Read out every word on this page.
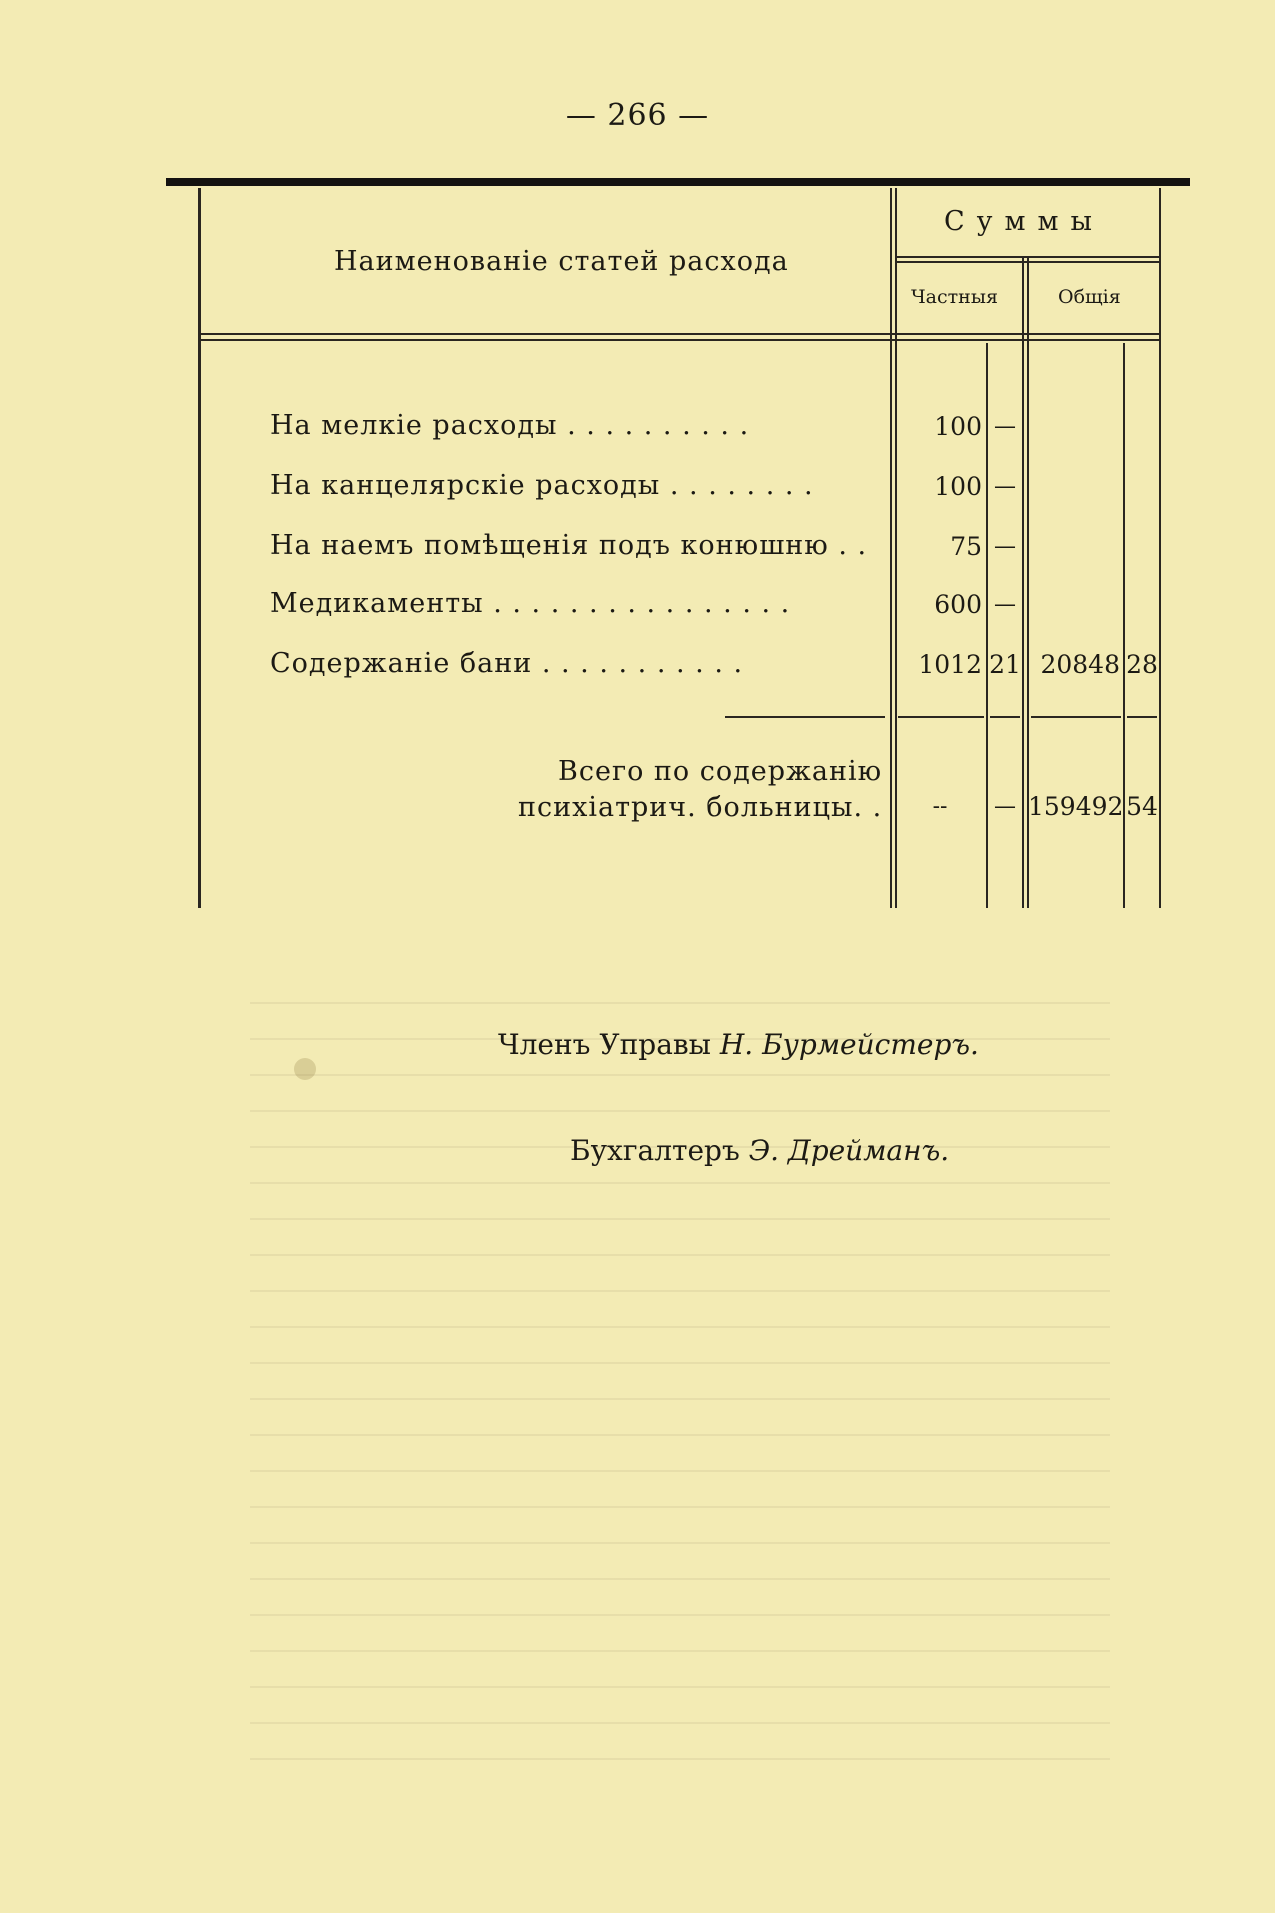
— 266 —
Наименованіе статей расхода
Суммы
Частныя	Общія
На мелкіе расходы . . . . . . . . . .	100 —
На канцелярскіе расходы . . . . . . . .	100 —
На наемъ помѣщенія подъ конюшню . .	75 —
Медикаменты . . . . . . . . . . . . . . . .	600 —
Содержаніе бани . . . . . . . . . . .	1012 21 20848 28
Всего по содержанію
психіатрич. больницы. .	--	— 159492 54
Членъ Управы Н. Бурмейстеръ.
Бухгалтеръ Э. Дрейманъ.
